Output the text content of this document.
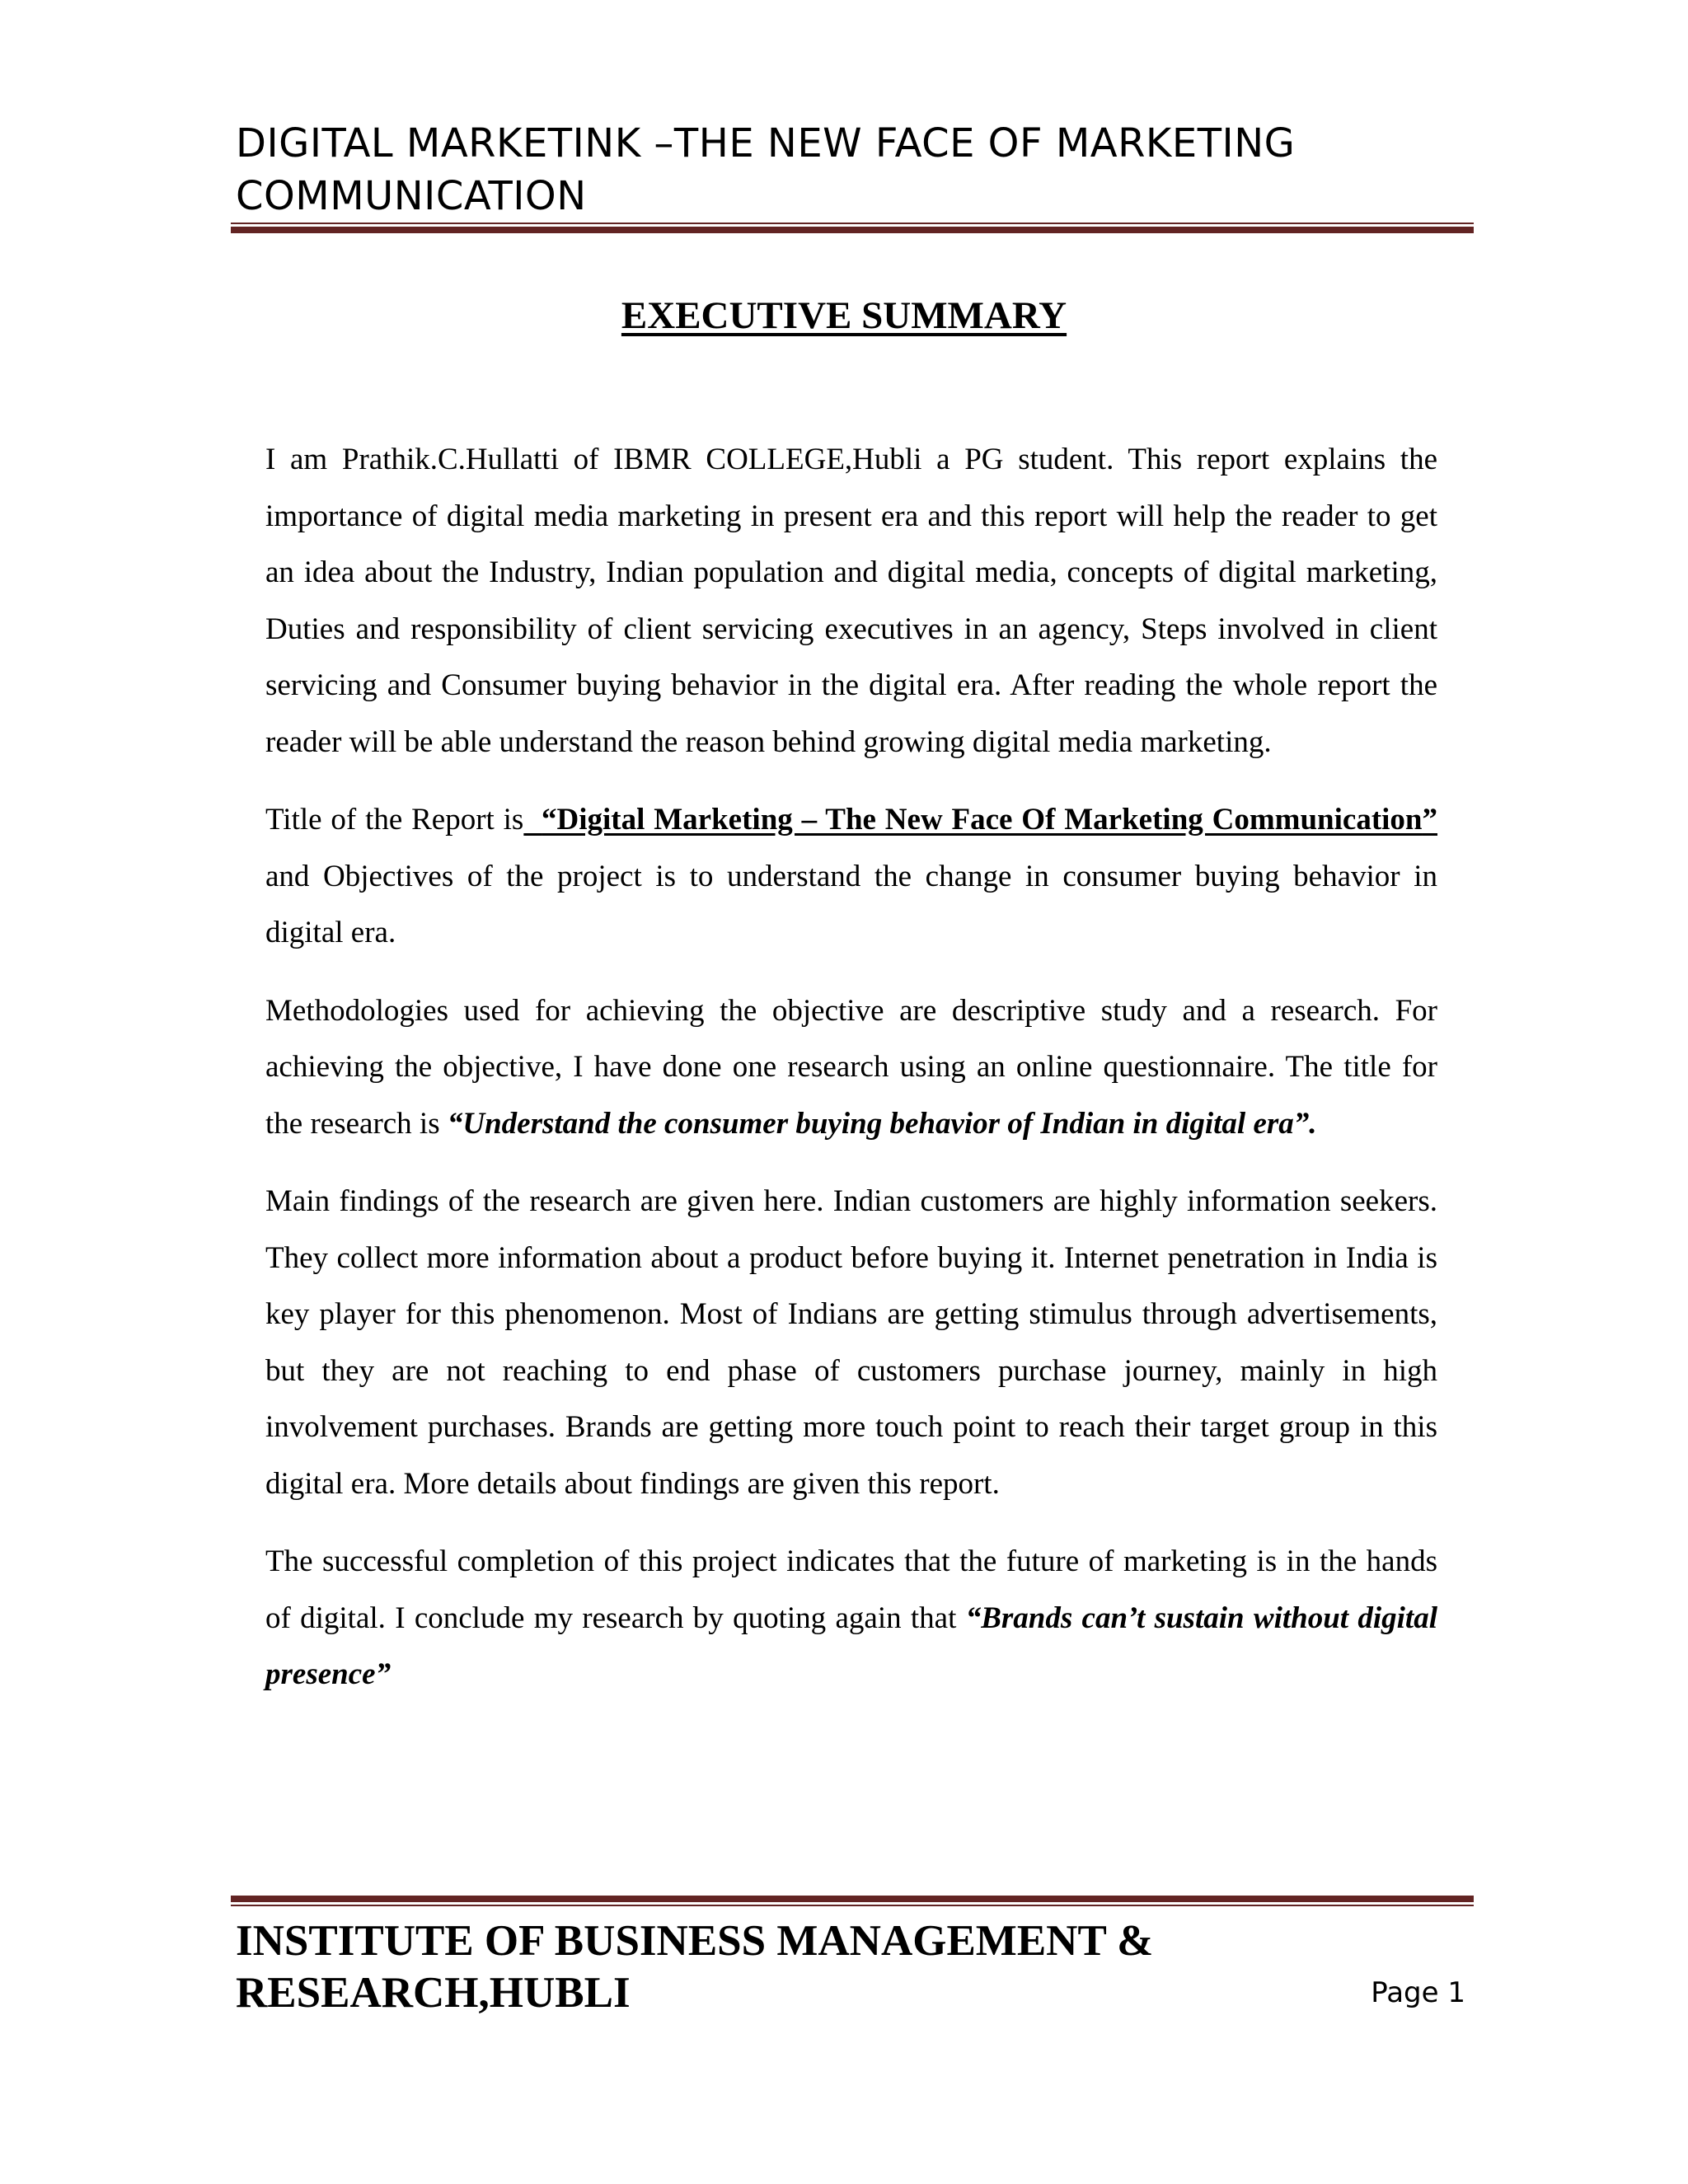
DIGITAL MARKETINK –THE NEW FACE OF MARKETING
COMMUNICATION
EXECUTIVE SUMMARY

I am Prathik.C.Hullatti of IBMR COLLEGE,Hubli a PG student. This report explains the importance of digital media marketing in present era and this report will help the reader to get an idea about the Industry, Indian population and digital media, concepts of digital marketing, Duties and responsibility of client servicing executives in an agency, Steps involved in client servicing and Consumer buying behavior in the digital era. After reading the whole report the reader will be able understand the reason behind growing digital media marketing.

Title of the Report is “Digital Marketing – The New Face Of Marketing Communication” and Objectives of the project is to understand the change in consumer buying behavior in digital era.

Methodologies used for achieving the objective are descriptive study and a research. For achieving the objective, I have done one research using an online questionnaire. The title for the research is “Understand the consumer buying behavior of Indian in digital era”.

Main findings of the research are given here. Indian customers are highly information seekers. They collect more information about a product before buying it. Internet penetration in India is key player for this phenomenon. Most of Indians are getting stimulus through advertisements, but they are not reaching to end phase of customers purchase journey, mainly in high involvement purchases. Brands are getting more touch point to reach their target group in this digital era. More details about findings are given this report.

The successful completion of this project indicates that the future of marketing is in the hands of digital. I conclude my research by quoting again that “Brands can’t sustain without digital presence”

INSTITUTE OF BUSINESS MANAGEMENT &
RESEARCH,HUBLI	Page 1
